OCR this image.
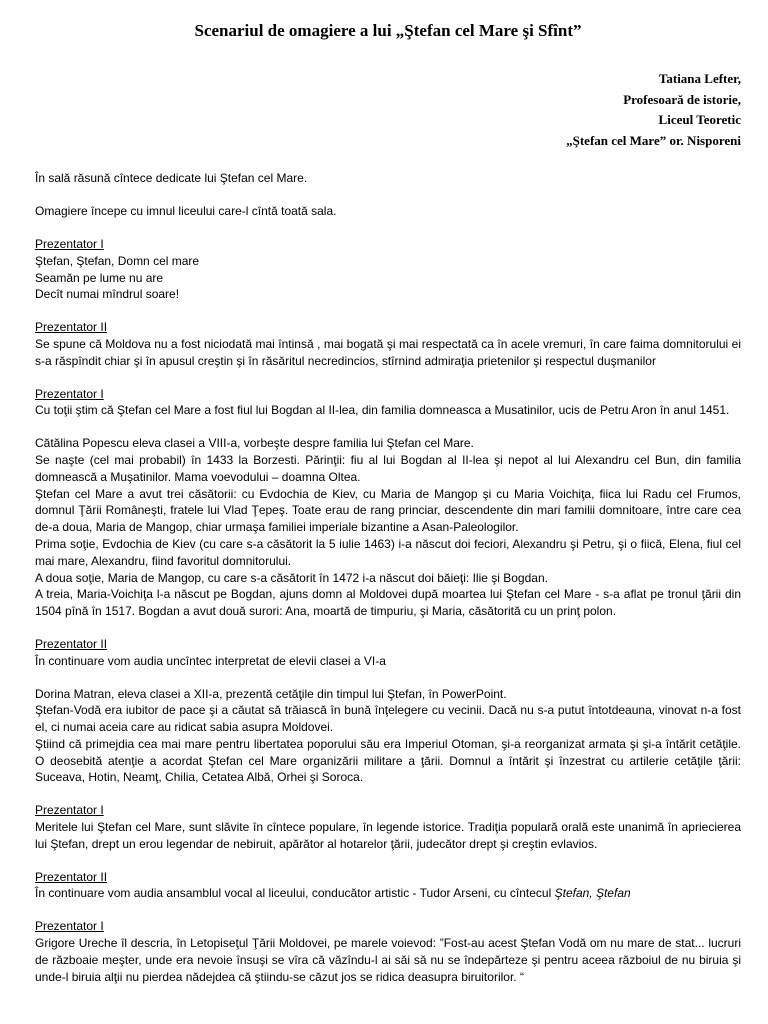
Scenariul de omagiere a lui „Ştefan cel Mare şi Sfînt”
Tatiana Lefter,
Profesoară de istorie,
Liceul Teoretic
„Ştefan cel Mare” or. Nisporeni

În sală răsună cîntece dedicate lui Ştefan cel Mare.

Omagiere începe cu imnul liceului care-l cîntă toată sala.

Prezentator I

Ştefan, Ştefan, Domn cel mare

Seamăn pe lume nu are

Decît numai mîndrul soare!

Prezentator II

Se spune că Moldova nu a fost niciodată mai întinsă , mai bogată şi mai respectată ca în acele vremuri, în care faima domnitorului ei s-a răspîndit chiar şi în apusul creştin şi în răsăritul necredincios, stîrnind admiraţia prietenilor şi respectul duşmanilor

Prezentator I

Cu toţii ştim că Ştefan cel Mare a fost fiul lui Bogdan al II-lea, din familia domneasca a Musatinilor, ucis de Petru Aron în anul 1451.

Cătălina Popescu eleva clasei a VIII-a, vorbeşte despre familia lui Ştefan cel Mare.

Se naşte (cel mai probabil) în 1433 la Borzesti. Părinţii: fiu al lui Bogdan al II-lea şi nepot al lui Alexandru cel Bun, din familia domnească a Muşatinilor. Mama voevodului – doamna Oltea.

Ştefan cel Mare a avut trei căsătorii: cu Evdochia de Kiev, cu Maria de Mangop şi cu Maria Voichiţa, fiica lui Radu cel Frumos, domnul Ţării Româneşti, fratele lui Vlad Ţepeş. Toate erau de rang princiar, descendente din mari familii domnitoare, între care cea de-a doua, Maria de Mangop, chiar urmaşa familiei imperiale bizantine a Asan-Paleologilor.

Prima soţie, Evdochia de Kiev (cu care s-a căsătorit la 5 iulie 1463) i-a născut doi feciori, Alexandru şi Petru, şi o fiică, Elena, fiul cel mai mare, Alexandru, fiind favoritul domnitorului.

A doua soţie, Maria de Mangop, cu care s-a căsătorit în 1472 i-a născut doi băieţi: Ilie şi Bogdan.

A treia, Maria-Voichiţa l-a născut pe Bogdan, ajuns domn al Moldovei după moartea lui Ştefan cel Mare - s-a aflat pe tronul ţării din 1504 pînă în 1517. Bogdan a avut două surori: Ana, moartă de timpuriu, şi Maria, căsătorită cu un prinţ polon.

Prezentator II

În continuare vom audia uncîntec interpretat de elevii clasei a VI-a

Dorina Matran, eleva clasei a XII-a, prezentă cetăţile din timpul lui Ştefan, în PowerPoint.

Ştefan-Vodă era iubitor de pace şi a căutat să trăiască în bună înţelegere cu vecinii. Dacă nu s-a putut întotdeauna, vinovat n-a fost el, ci numai aceia care au ridicat sabia asupra Moldovei.

Ştiind că primejdia cea mai mare pentru libertatea poporului său era Imperiul Otoman, şi-a reorganizat armata şi şi-a întărit cetăţile. O deosebită atenţie a acordat Ştefan cel Mare organizării militare a ţării. Domnul a întărit şi înzestrat cu artilerie cetăţile ţării: Suceava, Hotin, Neamţ, Chilia, Cetatea Albă, Orhei şi Soroca.

Prezentator I

Meritele lui Ştefan cel Mare, sunt slăvite în cîntece populare, în legende istorice. Tradiţia populară orală este unanimă în apriecierea lui Ştefan, drept un erou legendar de nebiruit, apărător al hotarelor ţării, judecător drept şi creştin evlavios.

Prezentator II

În continuare vom audia ansamblul vocal al liceului, conducător artistic - Tudor Arseni, cu cîntecul Ştefan, Ştefan

Prezentator I

Grigore Ureche îl descria, în Letopiseţul Ţării Moldovei, pe marele voievod: ”Fost-au acest Ştefan Vodă om nu mare de stat... lucruri de războaie meşter, unde era nevoie însuşi se vîra că văzîndu-l ai săi să nu se îndepărteze şi pentru aceea războiul de nu biruia şi unde-l biruia alţii nu pierdea nădejdea că ştiindu-se căzut jos se ridica deasupra biruitorilor. “
